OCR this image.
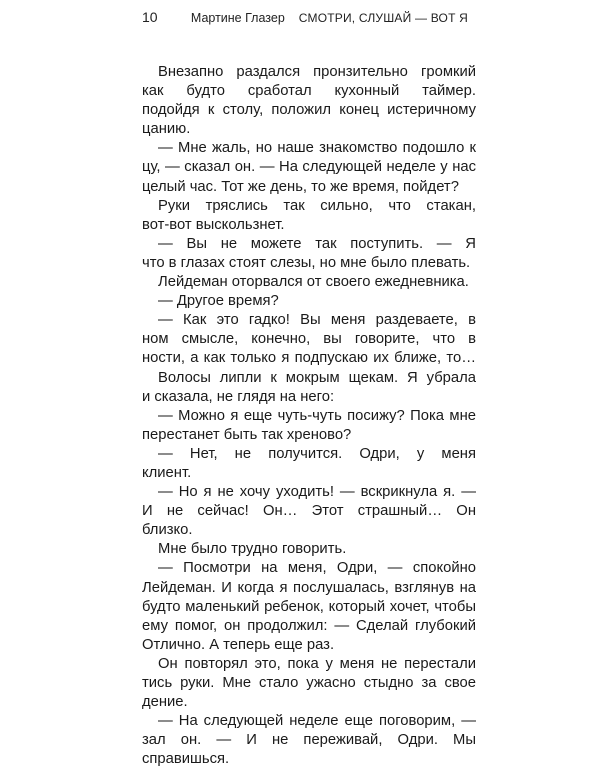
10	Мартине Глазер СМОТРИ, СЛУШАЙ — ВОТ Я
Внезапно раздался пронзительно громкий
как будто сработал кухонный таймер.
подойдя к столу, положил конец истеричному
цанию.
— Мне жаль, но наше знакомство подошло к
цу, — сказал он. — На следующей неделе у нас
целый час. Тот же день, то же время, пойдет?
Руки тряслись так сильно, что стакан,
вот-вот выскользнет.
— Вы не можете так поступить. — Я
что в глазах стоят слезы, но мне было плевать.
Лейдеман оторвался от своего ежедневника.
— Другое время?
— Как это гадко! Вы меня раздеваете, в
ном смысле, конечно, вы говорите, что в
ности, а как только я подпускаю их ближе, то…
Волосы липли к мокрым щекам. Я убрала
и сказала, не глядя на него:
— Можно я еще чуть-чуть посижу? Пока мне
перестанет быть так хреново?
— Нет, не получится. Одри, у меня
клиент.
— Но я не хочу уходить! — вскрикнула я. —
И не сейчас! Он… Этот страшный… Он
близко.
Мне было трудно говорить.
— Посмотри на меня, Одри, — спокойно
Лейдеман. И когда я послушалась, взглянув на
будто маленький ребенок, который хочет, чтобы
ему помог, он продолжил: — Сделай глубокий
Отлично. А теперь еще раз.
Он повторял это, пока у меня не перестали
тись руки. Мне стало ужасно стыдно за свое
дение.
— На следующей неделе еще поговорим, —
зал он. — И не переживай, Одри. Мы
справишься.
